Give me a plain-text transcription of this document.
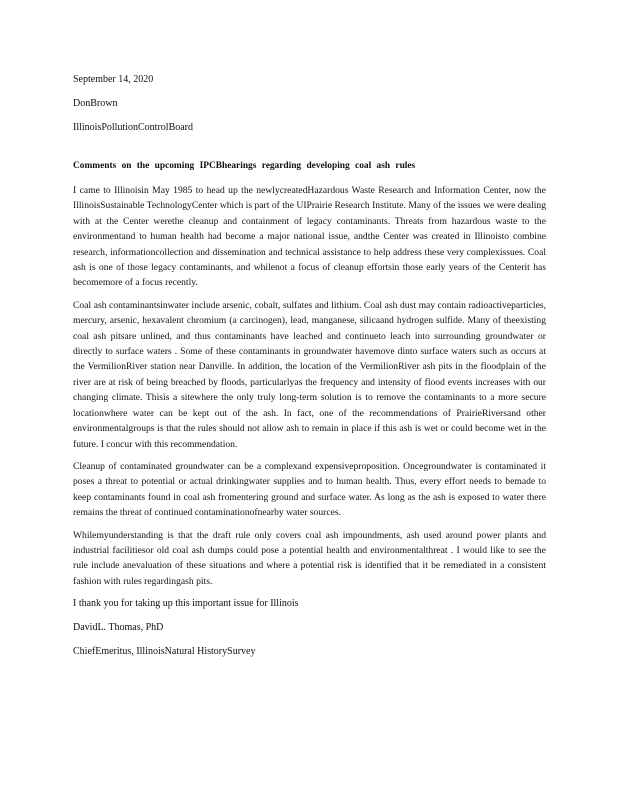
September 14, 2020

DonBrown

IllinoisPollutionControlBoard

Comments on the upcoming IPCBhearings regarding developing coal ash rules

I came to Illinoisin May 1985 to head up the newlycreatedHazardous Waste Research and Information Center, now the IllinoisSustainable TechnologyCenter which is part of the UIPrairie Research Institute. Many of the issues we were dealing with at the Center werethe cleanup and containment of legacy contaminants. Threats from hazardous waste to the environmentand to human health had become a major national issue, andthe Center was created in Illinoisto combine research, informationcollection and dissemination and technical assistance to help address these very complexissues. Coal ash is one of those legacy contaminants, and whilenot a focus of cleanup effortsin those early years of the Centerit has becomemore of a focus recently.

Coal ash contaminantsinwater include arsenic, cobalt, sulfates and lithium. Coal ash dust may contain radioactiveparticles, mercury, arsenic, hexavalent chromium (a carcinogen), lead, manganese, silicaand hydrogen sulfide. Many of theexisting coal ash pitsare unlined, and thus contaminants have leached and continueto leach into surrounding groundwater or directly to surface waters . Some of these contaminants in groundwater havemove dinto surface waters such as occurs at the VermilionRiver station near Danville. In addition, the location of the VermilionRiver ash pits in the floodplain of the river are at risk of being breached by floods, particularlyas the frequency and intensity of flood events increases with our changing climate. Thisis a sitewhere the only truly long-term solution is to remove the contaminants to a more secure locationwhere water can be kept out of the ash. In fact, one of the recommendations of PrairieRiversand other environmentalgroups is that the rules should not allow ash to remain in place if this ash is wet or could become wet in the future. I concur with this recommendation.

Cleanup of contaminated groundwater can be a complexand expensiveproposition. Oncegroundwater is contaminated it poses a threat to potential or actual drinkingwater supplies and to human health. Thus, every effort needs to bemade to keep contaminants found in coal ash fromentering ground and surface water. As long as the ash is exposed to water there remains the threat of continued contaminationofnearby water sources.

Whilemyunderstanding is that the draft rule only covers coal ash impoundments, ash used around power plants and industrial facilitiesor old coal ash dumps could pose a potential health and environmentalthreat . I would like to see the rule include anevaluation of these situations and where a potential risk is identified that it be remediated in a consistent fashion with rules regardingash pits.

I thank you for taking up this important issue for Illinois

DavidL. Thomas, PhD

ChiefEmeritus, IllinoisNatural HistorySurvey
